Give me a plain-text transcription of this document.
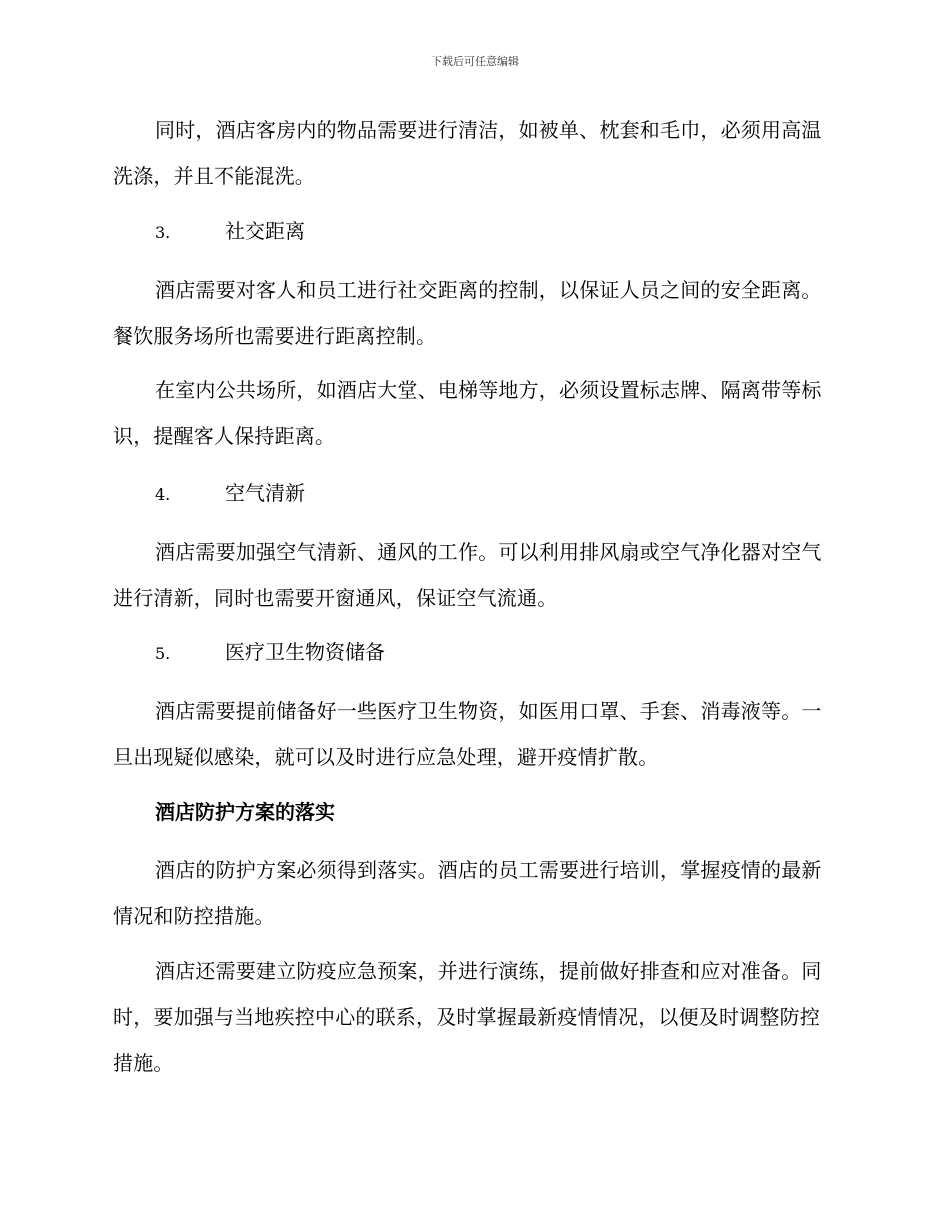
下载后可任意编辑

同时，酒店客房内的物品需要进行清洁，如被单、枕套和毛巾，必须用高温洗涤，并且不能混洗。

3.	社交距离

酒店需要对客人和员工进行社交距离的控制，以保证人员之间的安全距离。餐饮服务场所也需要进行距离控制。

在室内公共场所，如酒店大堂、电梯等地方，必须设置标志牌、隔离带等标识，提醒客人保持距离。

4.	空气清新

酒店需要加强空气清新、通风的工作。可以利用排风扇或空气净化器对空气进行清新，同时也需要开窗通风，保证空气流通。

5.	医疗卫生物资储备

酒店需要提前储备好一些医疗卫生物资，如医用口罩、手套、消毒液等。一旦出现疑似感染，就可以及时进行应急处理，避开疫情扩散。

酒店防护方案的落实

酒店的防护方案必须得到落实。酒店的员工需要进行培训，掌握疫情的最新情况和防控措施。

酒店还需要建立防疫应急预案，并进行演练，提前做好排查和应对准备。同时，要加强与当地疾控中心的联系，及时掌握最新疫情情况，以便及时调整防控措施。
